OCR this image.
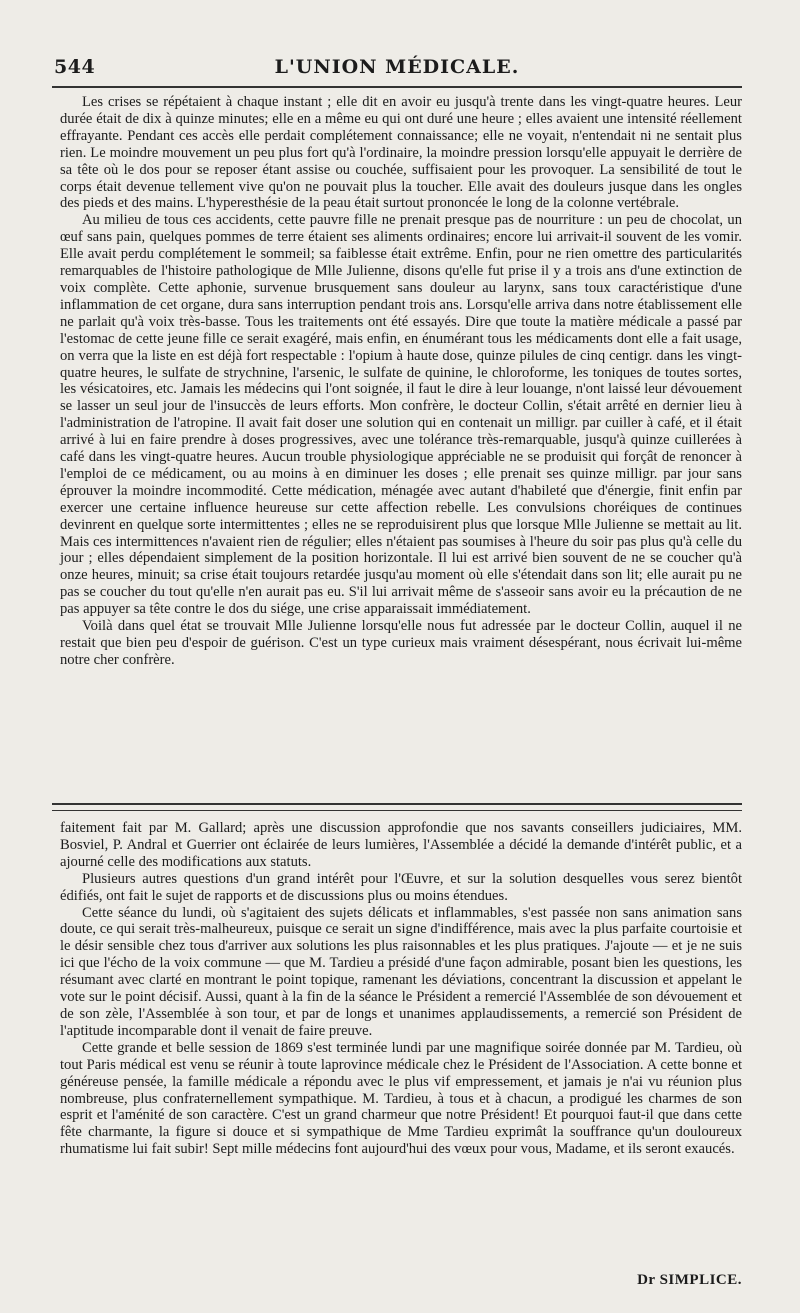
544	L'UNION MÉDICALE.

Les crises se répétaient à chaque instant ; elle dit en avoir eu jusqu'à trente dans les vingt-quatre heures. Leur durée était de dix à quinze minutes; elle en a même eu qui ont duré une heure ; elles avaient une intensité réellement effrayante. Pendant ces accès elle perdait complétement connaissance; elle ne voyait, n'entendait ni ne sentait plus rien. Le moindre mouvement un peu plus fort qu'à l'ordinaire, la moindre pression lorsqu'elle appuyait le derrière de sa tête où le dos pour se reposer étant assise ou couchée, suffisaient pour les provoquer. La sensibilité de tout le corps était devenue tellement vive qu'on ne pouvait plus la toucher. Elle avait des douleurs jusque dans les ongles des pieds et des mains. L'hyperesthésie de la peau était surtout prononcée le long de la colonne vertébrale.

Au milieu de tous ces accidents, cette pauvre fille ne prenait presque pas de nourriture : un peu de chocolat, un œuf sans pain, quelques pommes de terre étaient ses aliments ordinaires; encore lui arrivait-il souvent de les vomir. Elle avait perdu complétement le sommeil; sa faiblesse était extrême. Enfin, pour ne rien omettre des particularités remarquables de l'histoire pathologique de Mlle Julienne, disons qu'elle fut prise il y a trois ans d'une extinction de voix complète. Cette aphonie, survenue brusquement sans douleur au larynx, sans toux caractéristique d'une inflammation de cet organe, dura sans interruption pendant trois ans. Lorsqu'elle arriva dans notre établissement elle ne parlait qu'à voix très-basse. Tous les traitements ont été essayés. Dire que toute la matière médicale a passé par l'estomac de cette jeune fille ce serait exagéré, mais enfin, en énumérant tous les médicaments dont elle a fait usage, on verra que la liste en est déjà fort respectable : l'opium à haute dose, quinze pilules de cinq centigr. dans les vingt-quatre heures, le sulfate de strychnine, l'arsenic, le sulfate de quinine, le chloroforme, les toniques de toutes sortes, les vésicatoires, etc. Jamais les médecins qui l'ont soignée, il faut le dire à leur louange, n'ont laissé leur dévouement se lasser un seul jour de l'insuccès de leurs efforts. Mon confrère, le docteur Collin, s'était arrêté en dernier lieu à l'administration de l'atropine. Il avait fait doser une solution qui en contenait un milligr. par cuiller à café, et il était arrivé à lui en faire prendre à doses progressives, avec une tolérance très-remarquable, jusqu'à quinze cuillerées à café dans les vingt-quatre heures. Aucun trouble physiologique appréciable ne se produisit qui forçât de renoncer à l'emploi de ce médicament, ou au moins à en diminuer les doses ; elle prenait ses quinze milligr. par jour sans éprouver la moindre incommodité. Cette médication, ménagée avec autant d'habileté que d'énergie, finit enfin par exercer une certaine influence heureuse sur cette affection rebelle. Les convulsions choréiques de continues devinrent en quelque sorte intermittentes ; elles ne se reproduisirent plus que lorsque Mlle Julienne se mettait au lit. Mais ces intermittences n'avaient rien de régulier; elles n'étaient pas soumises à l'heure du soir pas plus qu'à celle du jour ; elles dépendaient simplement de la position horizontale. Il lui est arrivé bien souvent de ne se coucher qu'à onze heures, minuit; sa crise était toujours retardée jusqu'au moment où elle s'étendait dans son lit; elle aurait pu ne pas se coucher du tout qu'elle n'en aurait pas eu. S'il lui arrivait même de s'asseoir sans avoir eu la précaution de ne pas appuyer sa tête contre le dos du siége, une crise apparaissait immédiatement.

Voilà dans quel état se trouvait Mlle Julienne lorsqu'elle nous fut adressée par le docteur Collin, auquel il ne restait que bien peu d'espoir de guérison. C'est un type curieux mais vraiment désespérant, nous écrivait lui-même notre cher confrère.

faitement fait par M. Gallard; après une discussion approfondie que nos savants conseillers judiciaires, MM. Bosviel, P. Andral et Guerrier ont éclairée de leurs lumières, l'Assemblée a décidé la demande d'intérêt public, et a ajourné celle des modifications aux statuts.

Plusieurs autres questions d'un grand intérêt pour l'Œuvre, et sur la solution desquelles vous serez bientôt édifiés, ont fait le sujet de rapports et de discussions plus ou moins étendues.

Cette séance du lundi, où s'agitaient des sujets délicats et inflammables, s'est passée non sans animation sans doute, ce qui serait très-malheureux, puisque ce serait un signe d'indifférence, mais avec la plus parfaite courtoisie et le désir sensible chez tous d'arriver aux solutions les plus raisonnables et les plus pratiques. J'ajoute — et je ne suis ici que l'écho de la voix commune — que M. Tardieu a présidé d'une façon admirable, posant bien les questions, les résumant avec clarté en montrant le point topique, ramenant les déviations, concentrant la discussion et appelant le vote sur le point décisif. Aussi, quant à la fin de la séance le Président a remercié l'Assemblée de son dévouement et de son zèle, l'Assemblée à son tour, et par de longs et unanimes applaudissements, a remercié son Président de l'aptitude incomparable dont il venait de faire preuve.

Cette grande et belle session de 1869 s'est terminée lundi par une magnifique soirée donnée par M. Tardieu, où tout Paris médical est venu se réunir à toute laprovince médicale chez le Président de l'Association. A cette bonne et généreuse pensée, la famille médicale a répondu avec le plus vif empressement, et jamais je n'ai vu réunion plus nombreuse, plus confraternellement sympathique. M. Tardieu, à tous et à chacun, a prodigué les charmes de son esprit et l'aménité de son caractère. C'est un grand charmeur que notre Président! Et pourquoi faut-il que dans cette fête charmante, la figure si douce et si sympathique de Mme Tardieu exprimât la souffrance qu'un douloureux rhumatisme lui fait subir! Sept mille médecins font aujourd'hui des vœux pour vous, Madame, et ils seront exaucés.

Dr SIMPLICE.
